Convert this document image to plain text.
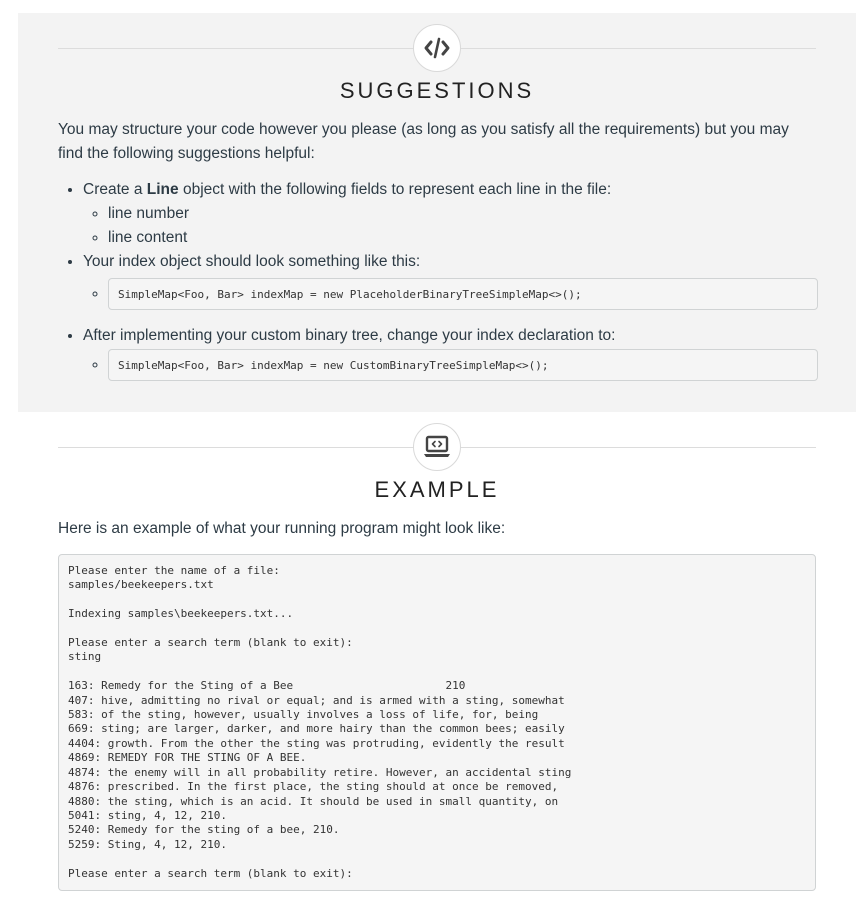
SUGGESTIONS
You may structure your code however you please (as long as you satisfy all the requirements) but you may find the following suggestions helpful:
• Create a Line object with the following fields to represent each line in the file:
◦ line number
◦ line content
• Your index object should look something like this:
◦ SimpleMap<Foo, Bar> indexMap = new PlaceholderBinaryTreeSimpleMap<>();
• After implementing your custom binary tree, change your index declaration to:
◦ SimpleMap<Foo, Bar> indexMap = new CustomBinaryTreeSimpleMap<>();
EXAMPLE
Here is an example of what your running program might look like:
Please enter the name of a file:
samples/beekeepers.txt

Indexing samples\beekeepers.txt...

Please enter a search term (blank to exit):
sting

163: Remedy for the Sting of a Bee                       210
407: hive, admitting no rival or equal; and is armed with a sting, somewhat
583: of the sting, however, usually involves a loss of life, for, being
669: sting; are larger, darker, and more hairy than the common bees; easily
4404: growth. From the other the sting was protruding, evidently the result
4869: REMEDY FOR THE STING OF A BEE.
4874: the enemy will in all probability retire. However, an accidental sting
4876: prescribed. In the first place, the sting should at once be removed,
4880: the sting, which is an acid. It should be used in small quantity, on
5041: sting, 4, 12, 210.
5240: Remedy for the sting of a bee, 210.
5259: Sting, 4, 12, 210.

Please enter a search term (blank to exit):
